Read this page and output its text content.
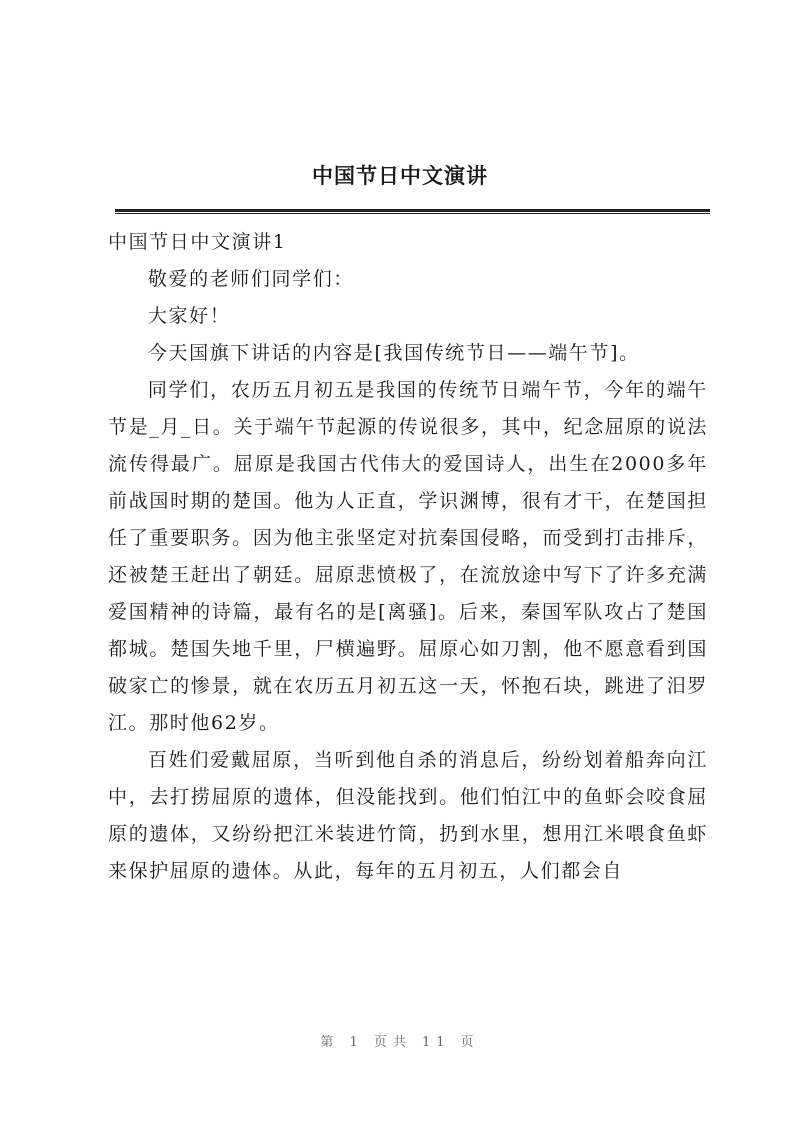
中国节日中文演讲

中国节日中文演讲1

敬爱的老师们同学们：

大家好！

今天国旗下讲话的内容是[我国传统节日——端午节]。

同学们，农历五月初五是我国的传统节日端午节，今年的端午节是_月_日。关于端午节起源的传说很多，其中，纪念屈原的说法流传得最广。屈原是我国古代伟大的爱国诗人，出生在2000多年前战国时期的楚国。他为人正直，学识渊博，很有才干，在楚国担任了重要职务。因为他主张坚定对抗秦国侵略，而受到打击排斥，还被楚王赶出了朝廷。屈原悲愤极了，在流放途中写下了许多充满爱国精神的诗篇，最有名的是[离骚]。后来，秦国军队攻占了楚国都城。楚国失地千里，尸横遍野。屈原心如刀割，他不愿意看到国破家亡的惨景，就在农历五月初五这一天，怀抱石块，跳进了汨罗江。那时他62岁。

百姓们爱戴屈原，当听到他自杀的消息后，纷纷划着船奔向江中，去打捞屈原的遗体，但没能找到。他们怕江中的鱼虾会咬食屈原的遗体，又纷纷把江米装进竹筒，扔到水里，想用江米喂食鱼虾来保护屈原的遗体。从此，每年的五月初五，人们都会自

第 1 页共 11 页
